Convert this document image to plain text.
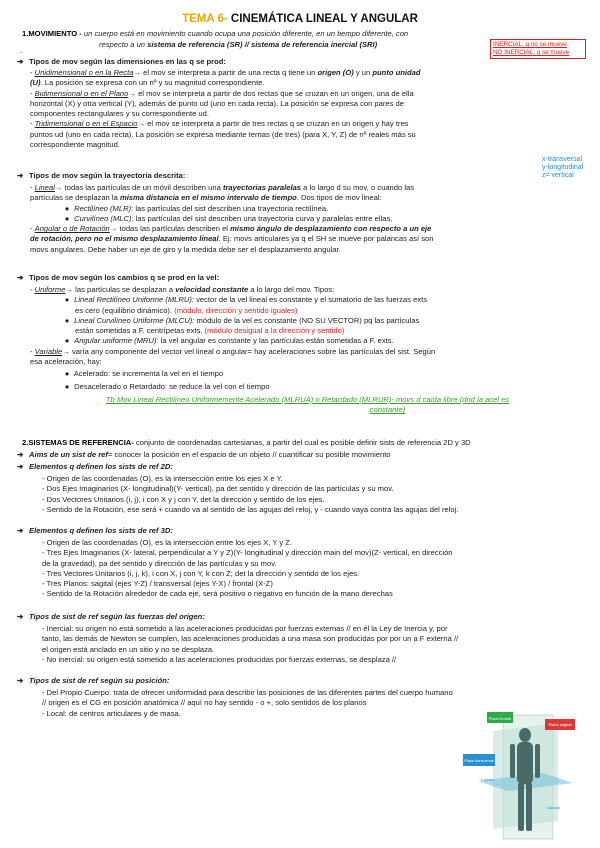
TEMA 6- CINEMÁTICA LINEAL Y ANGULAR
1.MOVIMIENTO - un cuerpo está en movimiento cuando ocupa una posición diferente, en un tiempo diferente, con
respecto a un sistema de referencia (SR) // sistema de referencia inercial (SRI)
.
INERCIAL: q no se mueve
NO INERCIAL: q se mueve
➔ Tipos de mov según las dimensiones en las q se prod:
- Unidimensional o en la Recta→ el mov se interpreta a partir de una recta q tiene un origen (O) y un punto unidad
(U). La posición se expresa con un nº y su magnitud correspondiente.
- Bidimensional o en el Plano→ el mov se interpreta a partir de dos rectas que se cruzan en un origen, una de ella
horizontal (X) y otra vertical (Y), además de punto ud (uno en cada recta). La posición se expresa con pares de
componentes rectangulares y su correspondiente ud.
- Tridimensional o en el Espacio→ el mov se interpreta a partir de tres rectas q se cruzan en un origen y hay tres
puntos ud (uno en cada recta). La posición se expresa mediante ternas (de tres) (para X, Y, Z) de nº reales más su
correspondiente magnitud.
x-transversal
y-longitudinal
z= vertical
➔ Tipos de mov según la trayectoria descrita:
- Lineal→ todas las partículas de un móvil describen una trayectorias paralelas a lo largo d su mov, o cuando las
partículas se desplazan la misma distancia en el mismo intervalo de tiempo. Dos tipos de mov lineal:
● Rectilíneo (MLR): las partículas del sist describen una trayectoria rectilínea.
● Curvilíneo (MLC): las partículas del sist describen una trayectoria curva y paralelas entre ellas.
- Angular o de Rotación→ todas las partículas describen el mismo ángulo de desplazamiento con respecto a un eje
de rotación, pero no el mismo desplazamiento lineal. Ej: movs articulares ya q el SH se mueve por palancas así son
movs angulares. Debe haber un eje de giro y la medida debe ser el desplazamiento angular.
➔ Tipos de mov según los cambios q se prod en la vel:
- Uniforme→ las partículas se desplazan a velocidad constante a lo largo del mov. Tipos:
● Lineal Rectilíneo Uniforme (MLRU): vector de la vel lineal es constante y el sumatorio de las fuerzas exts
es cero (equilibrio dinámico). (módulo, dirección y sentido iguales)
● Lineal Curvilíneo Uniforme (MLCU): módulo de la vel es constante (NO SU VECTOR) pq las partículas
están sometidas a F. centrípetas exts. (módulo desigual a la dirección y sentido)
● Angular uniforme (MRU): la vel angular es constante y las partículas están sometidas a F. exts.
- Variable→ varía any componente del vector vel lineal o angular= hay aceleraciones sobre las partículas del sist. Según
esa aceleración, hay:
● Acelerado: se incrementa la vel en el tiempo
● Desacelerado o Retardado: se reduce la vel con el tiempo
Tb Mov Lineal Rectilíneo Uniformemente Acelerado (MLRUA) o Retardado (MLRUR)- movs d caída libre (dnd la acel es
constante)
2.SISTEMAS DE REFERENCIA- conjunto de coordenadas cartesianas, a partir del cual es posible definir sists de referencia 2D y 3D
➔ Aims de un sist de ref= conocer la posición en el espacio de un objeto // cuantificar su posible movimiento
➔ Elementos q definen los sists de ref 2D:
- Origen de las coordenadas (O), es la intersección entre los ejes X e Y.
- Dos Ejes Imaginarios (X- longitudinal)(Y- vertical), pa det sentido y dirección de las partículas y su mov.
- Dos Vectores Unitarios (i, j), i con X y j con Y, det la dirección y sentido de los ejes.
- Sentido de la Rotación, ese será + cuando va al sentido de las agujas del reloj, y - cuando vaya contra las agujas del reloj.
➔ Elementos q definen los sists de ref 3D:
- Origen de las coordenadas (O), es la intersección entre los ejes X, Y y Z.
- Tres Ejes Imaginarios (X- lateral, perpendicular a Y y Z)(Y- longitudinal y dirección main del mov)(Z- vertical, en dirección
de la gravedad), pa det sentido y dirección de las partículas y su mov.
- Tres Vectores Unitarios (i, j, k), i con X, j con Y, k con Z; det la dirección y sentido de los ejes.
- Tres Planos: sagital (ejes Y-Z) / transversal (ejes Y-X) / frontal (X-Z)
- Sentido de la Rotación alrededor de cada eje, será positivo o negativo en función de la mano derechas
➔ Tipos de sist de ref según las fuerzas del origen:
- Inercial: su origen no está sometido a las aceleraciones producidas por fuerzas externas // en él la Ley de Inercia y, por
tanto, las demás de Newton se cumplen, las aceleraciones producidas a una masa son producidas por por un a F externa //
el origen está anclado en un sitio y no se desplaza.
- No inercial: su origen está sometido a las aceleraciones producidas por fuerzas externas, se desplaza //
➔ Tipos de sist de ref según su posición:
- Del Propio Cuerpo: trata de ofrecer uniformidad para describir las posiciones de las diferentes partes del cuerpo humano
// origen es el CG en posición anatómica // aquí no hay sentido - o +, solo sentidos de los planos
- Local: de centros articulares y de masa.
Plano frontal
Plano sagital
Plano transversal
Cráneo
Caudal
